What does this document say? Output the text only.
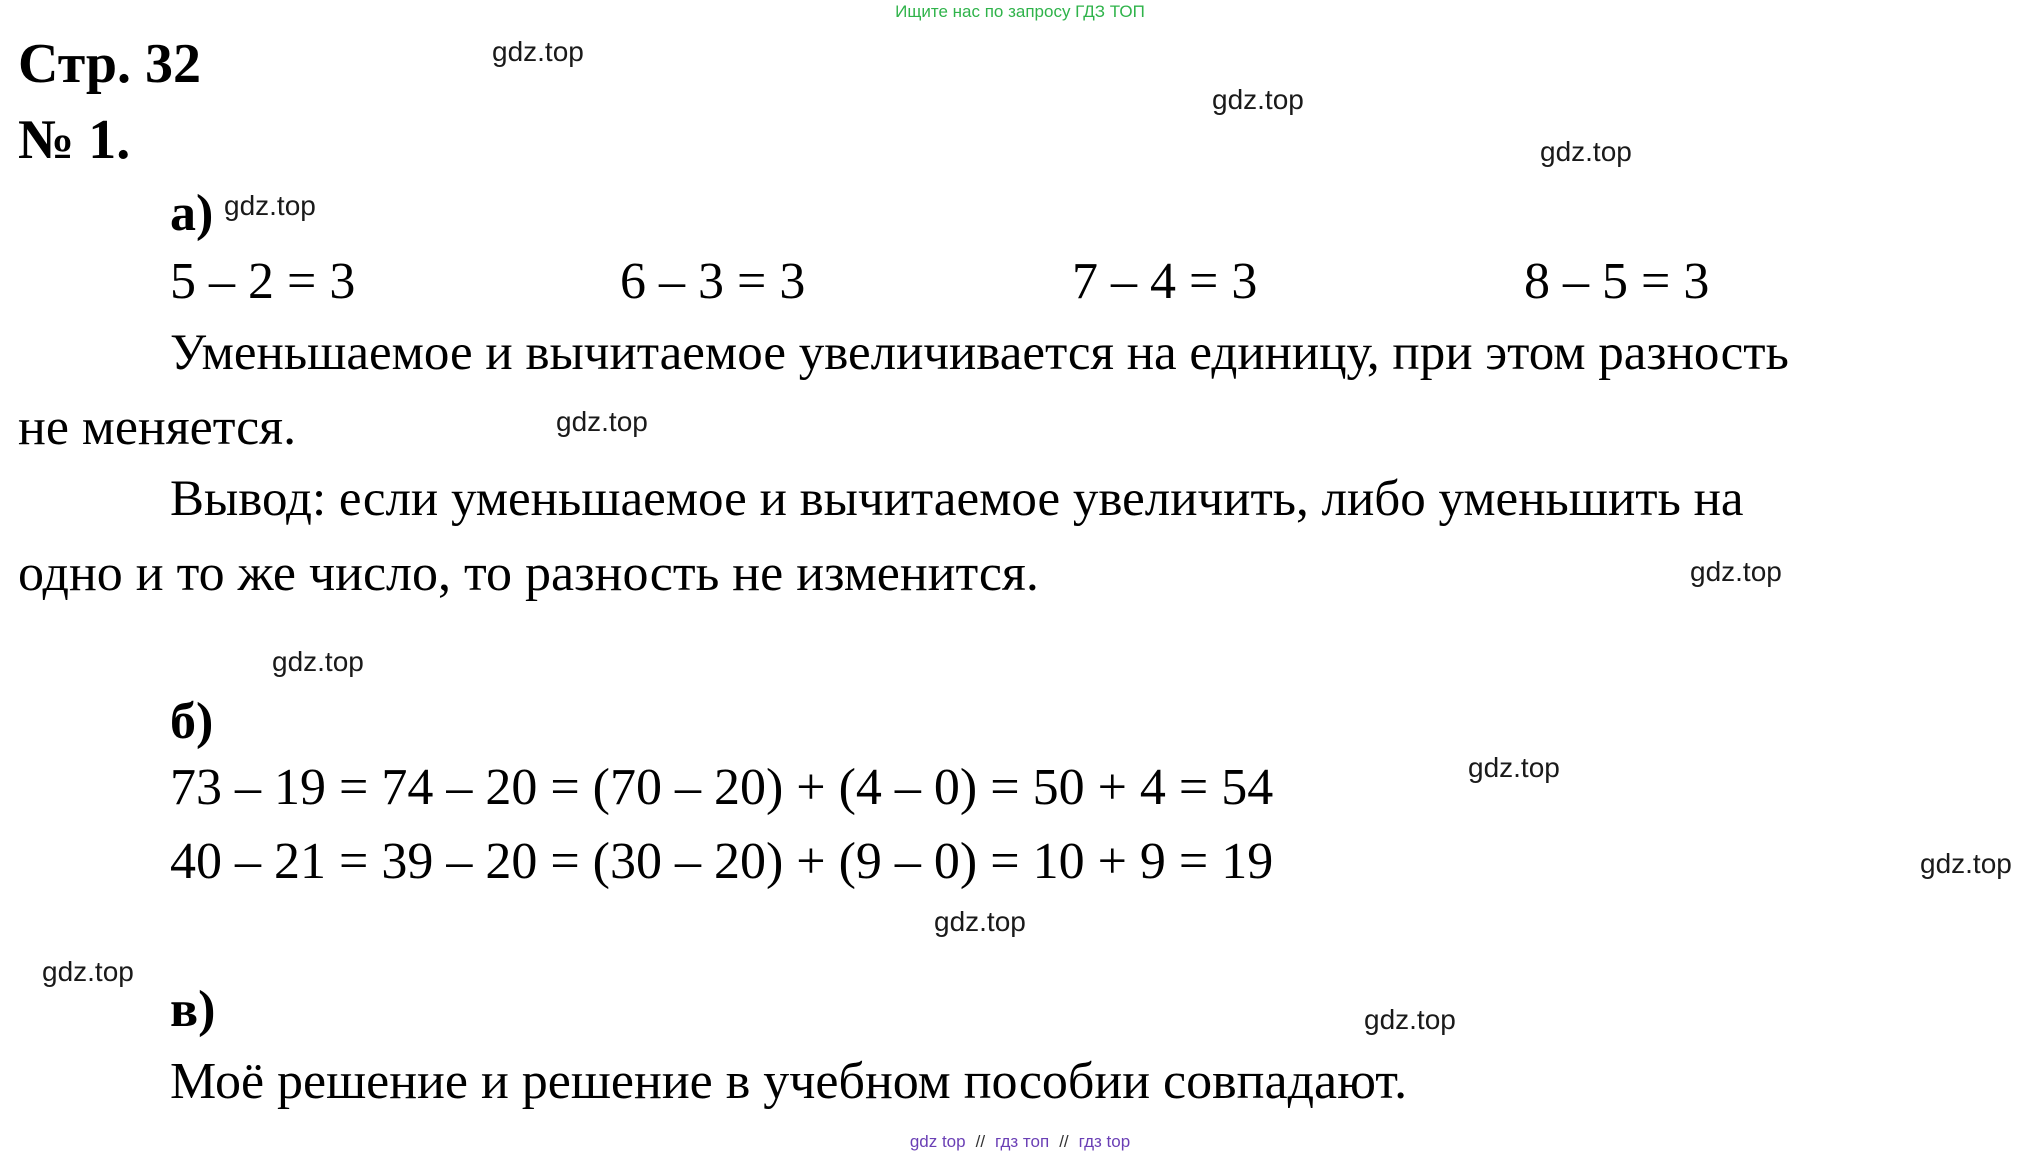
Ищите нас по запросу ГДЗ ТОП
Стр. 32
№ 1.
а)
5 – 2 = 3	6 – 3 = 3	7 – 4 = 3	8 – 5 = 3
Уменьшаемое и вычитаемое увеличивается на единицу, при этом разность
не меняется.
Вывод: если уменьшаемое и вычитаемое увеличить, либо уменьшить на
одно и то же число, то разность не изменится.
б)
73 – 19 = 74 – 20 = (70 – 20) + (4 – 0) = 50 + 4 = 54
40 – 21 = 39 – 20 = (30 – 20) + (9 – 0) = 10 + 9 = 19
в)
Моё решение и решение в учебном пособии совпадают.
gdz.top
gdz.top
gdz.top
gdz.top
gdz.top
gdz.top
gdz.top
gdz.top
gdz.top
gdz.top
gdz.top
gdz.top
gdz top // гдз топ // гдз top
